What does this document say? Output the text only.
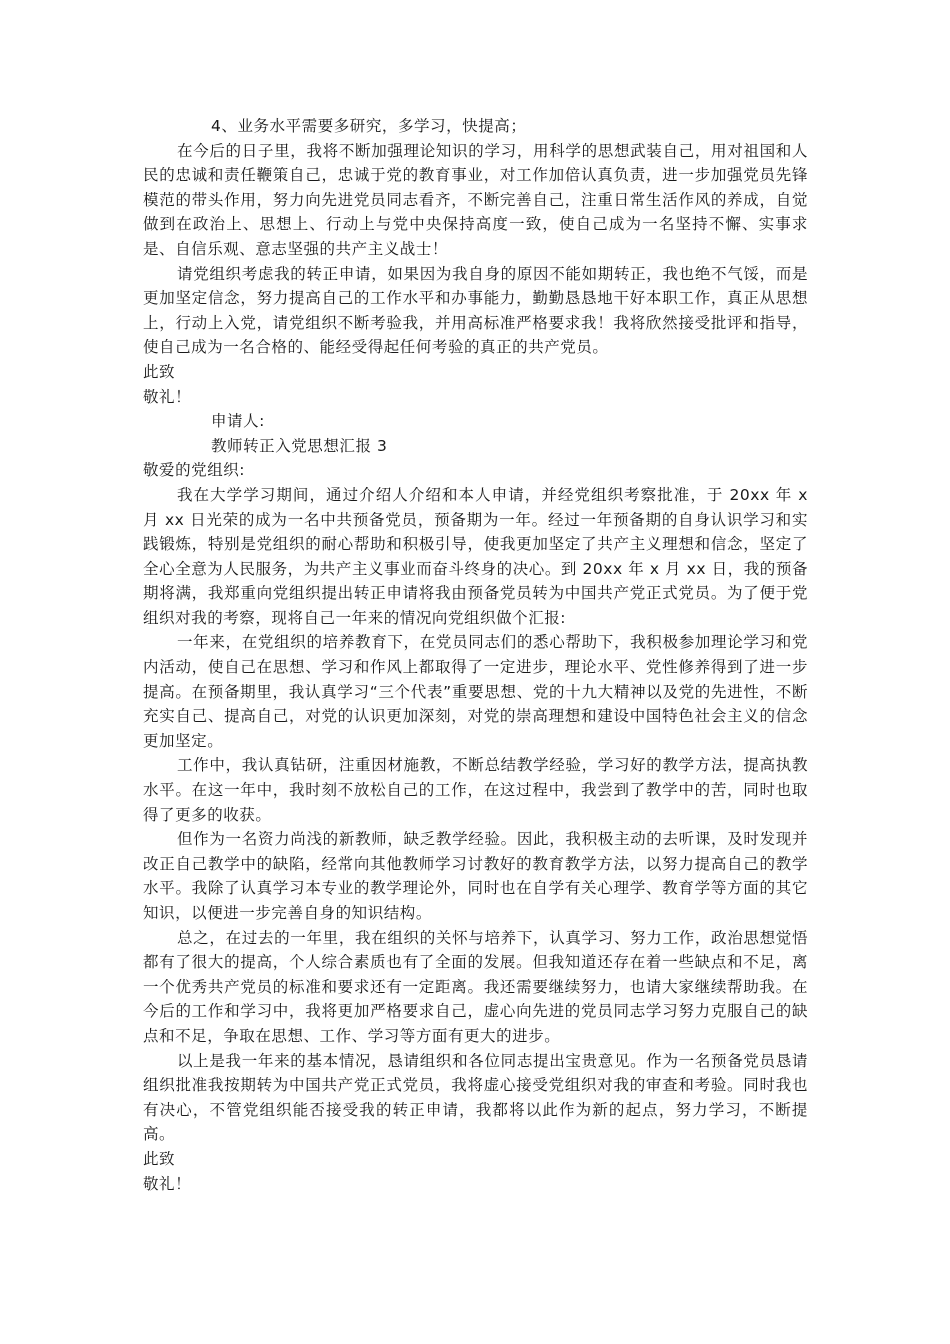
4、业务水平需要多研究，多学习，快提高；

在今后的日子里，我将不断加强理论知识的学习，用科学的思想武装自己，用对祖国和人民的忠诚和责任鞭策自己，忠诚于党的教育事业，对工作加倍认真负责，进一步加强党员先锋模范的带头作用，努力向先进党员同志看齐，不断完善自己，注重日常生活作风的养成，自觉做到在政治上、思想上、行动上与党中央保持高度一致，使自己成为一名坚持不懈、实事求是、自信乐观、意志坚强的共产主义战士！

请党组织考虑我的转正申请，如果因为我自身的原因不能如期转正，我也绝不气馁，而是更加坚定信念，努力提高自己的工作水平和办事能力，勤勤恳恳地干好本职工作，真正从思想上，行动上入党，请党组织不断考验我，并用高标准严格要求我！我将欣然接受批评和指导，使自己成为一名合格的、能经受得起任何考验的真正的共产党员。

此致

敬礼！

申请人:

教师转正入党思想汇报 3

敬爱的党组织:

我在大学学习期间，通过介绍人介绍和本人申请，并经党组织考察批准，于 20xx 年 x 月 xx 日光荣的成为一名中共预备党员，预备期为一年。经过一年预备期的自身认识学习和实践锻炼，特别是党组织的耐心帮助和积极引导，使我更加坚定了共产主义理想和信念，坚定了全心全意为人民服务，为共产主义事业而奋斗终身的决心。到 20xx 年 x 月 xx 日，我的预备期将满，我郑重向党组织提出转正申请将我由预备党员转为中国共产党正式党员。为了便于党组织对我的考察，现将自己一年来的情况向党组织做个汇报:

一年来，在党组织的培养教育下，在党员同志们的悉心帮助下，我积极参加理论学习和党内活动，使自己在思想、学习和作风上都取得了一定进步，理论水平、党性修养得到了进一步提高。在预备期里，我认真学习“三个代表”重要思想、党的十九大精神以及党的先进性，不断充实自己、提高自己，对党的认识更加深刻，对党的崇高理想和建设中国特色社会主义的信念更加坚定。

工作中，我认真钻研，注重因材施教，不断总结教学经验，学习好的教学方法，提高执教水平。在这一年中，我时刻不放松自己的工作，在这过程中，我尝到了教学中的苦，同时也取得了更多的收获。

但作为一名资力尚浅的新教师，缺乏教学经验。因此，我积极主动的去听课，及时发现并改正自己教学中的缺陷，经常向其他教师学习讨教好的教育教学方法，以努力提高自己的教学水平。我除了认真学习本专业的教学理论外，同时也在自学有关心理学、教育学等方面的其它知识，以便进一步完善自身的知识结构。

总之，在过去的一年里，我在组织的关怀与培养下，认真学习、努力工作，政治思想觉悟都有了很大的提高，个人综合素质也有了全面的发展。但我知道还存在着一些缺点和不足，离一个优秀共产党员的标准和要求还有一定距离。我还需要继续努力，也请大家继续帮助我。在今后的工作和学习中，我将更加严格要求自己，虚心向先进的党员同志学习努力克服自己的缺点和不足，争取在思想、工作、学习等方面有更大的进步。

以上是我一年来的基本情况，恳请组织和各位同志提出宝贵意见。作为一名预备党员恳请组织批准我按期转为中国共产党正式党员，我将虚心接受党组织对我的审查和考验。同时我也有决心，不管党组织能否接受我的转正申请，我都将以此作为新的起点，努力学习，不断提高。

此致

敬礼！
